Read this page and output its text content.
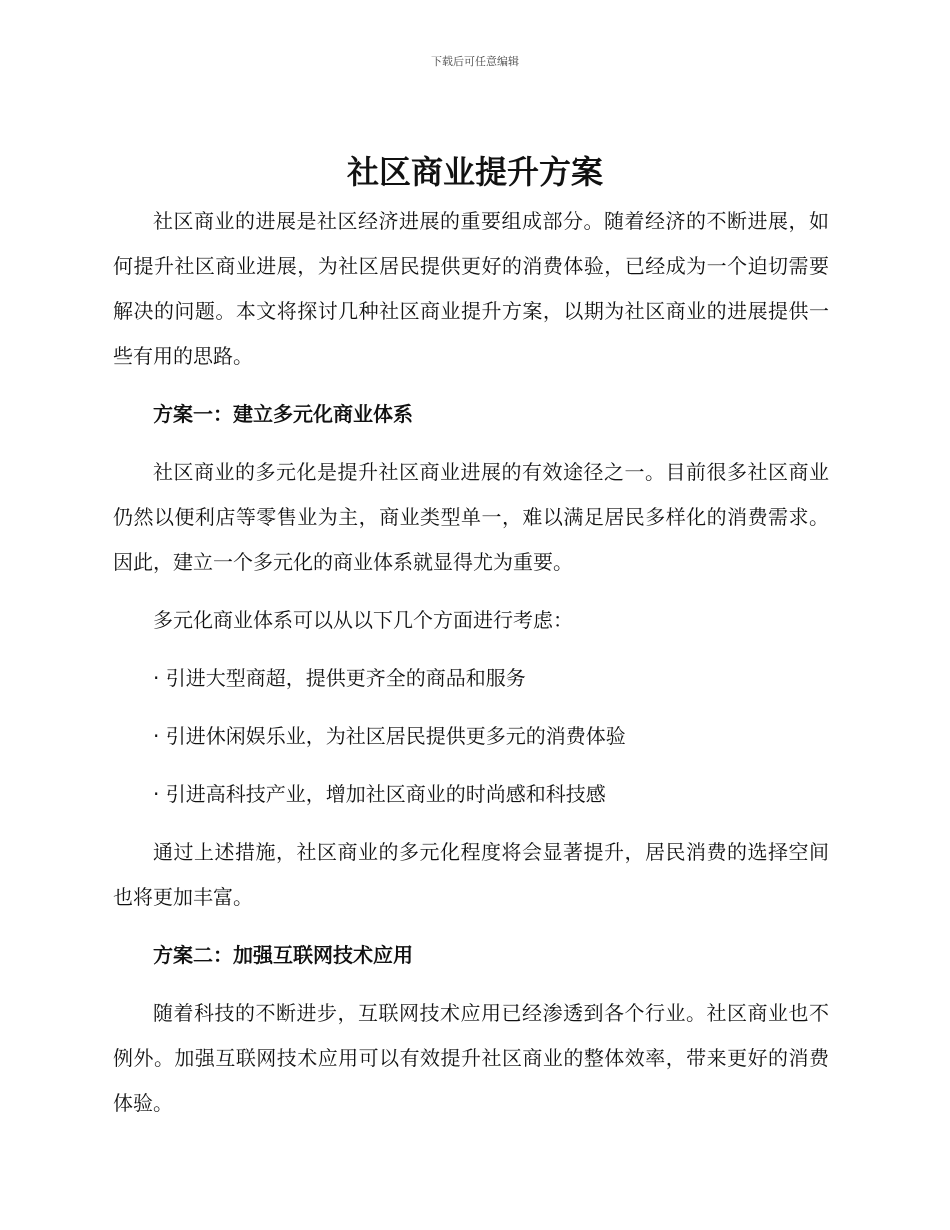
下载后可任意编辑
社区商业提升方案

社区商业的进展是社区经济进展的重要组成部分。随着经济的不断进展，如何提升社区商业进展，为社区居民提供更好的消费体验，已经成为一个迫切需要解决的问题。本文将探讨几种社区商业提升方案，以期为社区商业的进展提供一些有用的思路。

方案一：建立多元化商业体系

社区商业的多元化是提升社区商业进展的有效途径之一。目前很多社区商业仍然以便利店等零售业为主，商业类型单一，难以满足居民多样化的消费需求。因此，建立一个多元化的商业体系就显得尤为重要。

多元化商业体系可以从以下几个方面进行考虑：

· 引进大型商超，提供更齐全的商品和服务

· 引进休闲娱乐业，为社区居民提供更多元的消费体验

· 引进高科技产业，增加社区商业的时尚感和科技感

通过上述措施，社区商业的多元化程度将会显著提升，居民消费的选择空间也将更加丰富。

方案二：加强互联网技术应用

随着科技的不断进步，互联网技术应用已经渗透到各个行业。社区商业也不例外。加强互联网技术应用可以有效提升社区商业的整体效率，带来更好的消费体验。
